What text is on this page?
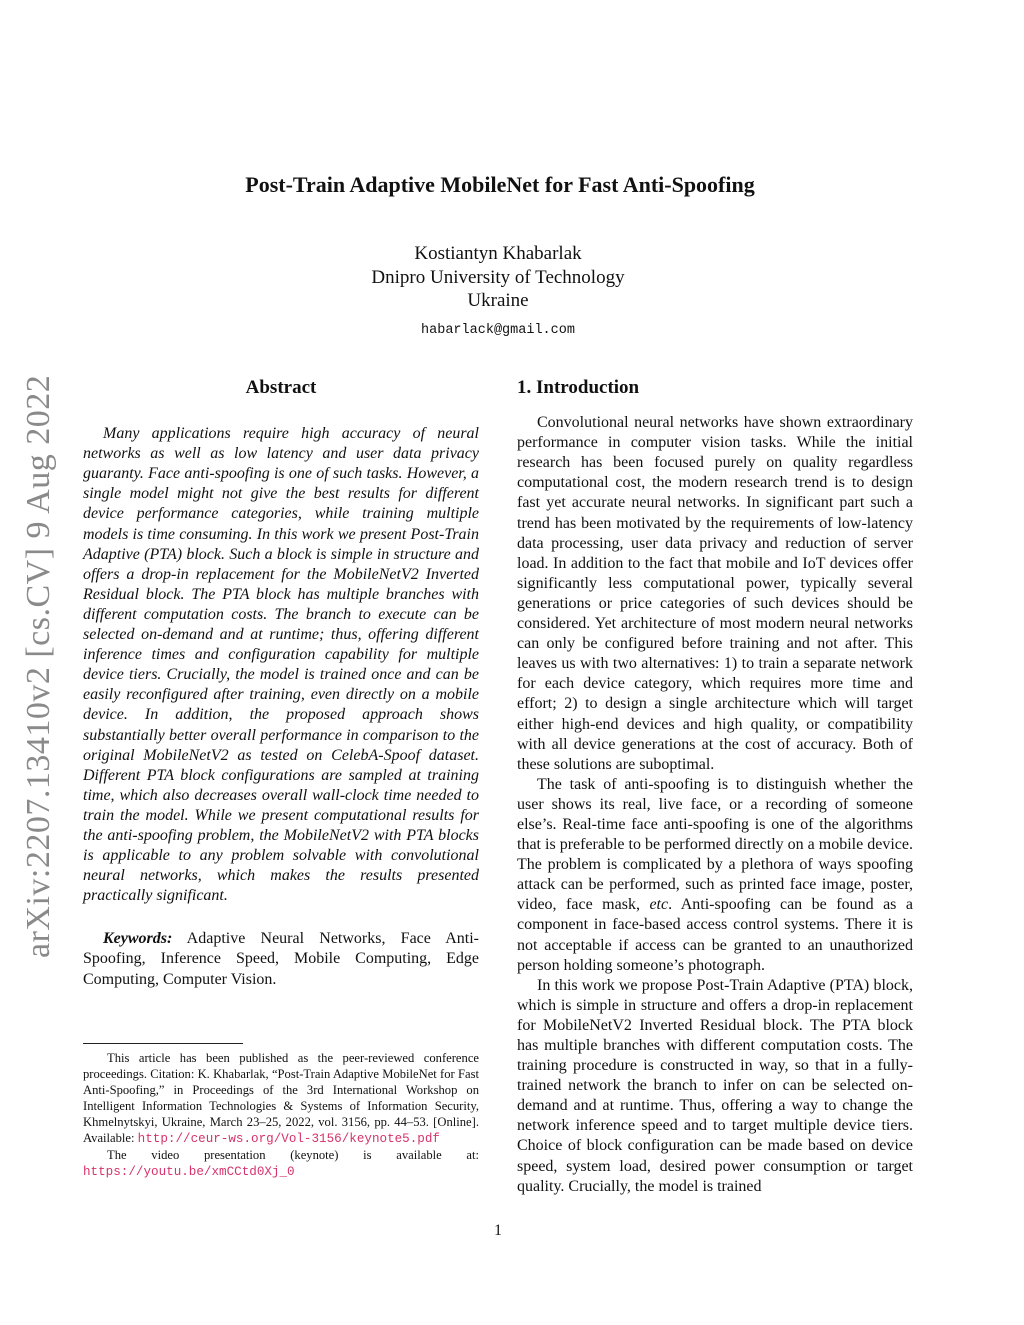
arXiv:2207.13410v2 [cs.CV] 9 Aug 2022
Post-Train Adaptive MobileNet for Fast Anti-Spoofing
Kostiantyn Khabarlak
Dnipro University of Technology
Ukraine
habarlack@gmail.com
Abstract

Many applications require high accuracy of neural networks as well as low latency and user data privacy guaranty. Face anti-spoofing is one of such tasks. However, a single model might not give the best results for different device performance categories, while training multiple models is time consuming. In this work we present Post-Train Adaptive (PTA) block. Such a block is simple in structure and offers a drop-in replacement for the MobileNetV2 Inverted Residual block. The PTA block has multiple branches with different computation costs. The branch to execute can be selected on-demand and at runtime; thus, offering different inference times and configuration capability for multiple device tiers. Crucially, the model is trained once and can be easily reconfigured after training, even directly on a mobile device. In addition, the proposed approach shows substantially better overall performance in comparison to the original MobileNetV2 as tested on CelebA-Spoof dataset. Different PTA block configurations are sampled at training time, which also decreases overall wall-clock time needed to train the model. While we present computational results for the anti-spoofing problem, the MobileNetV2 with PTA blocks is applicable to any problem solvable with convolutional neural networks, which makes the results presented practically significant.

Keywords: Adaptive Neural Networks, Face Anti-Spoofing, Inference Speed, Mobile Computing, Edge Computing, Computer Vision.

This article has been published as the peer-reviewed conference proceedings. Citation: K. Khabarlak, “Post-Train Adaptive MobileNet for Fast Anti-Spoofing,” in Proceedings of the 3rd International Workshop on Intelligent Information Technologies & Systems of Information Security, Khmelnytskyi, Ukraine, March 23–25, 2022, vol. 3156, pp. 44–53. [Online]. Available: http://ceur-ws.org/Vol-3156/keynote5.pdf

The video presentation (keynote) is available at: https://youtu.be/xmCCtd0Xj_0

1. Introduction

Convolutional neural networks have shown extraordinary performance in computer vision tasks. While the initial research has been focused purely on quality regardless computational cost, the modern research trend is to design fast yet accurate neural networks. In significant part such a trend has been motivated by the requirements of low-latency data processing, user data privacy and reduction of server load. In addition to the fact that mobile and IoT devices offer significantly less computational power, typically several generations or price categories of such devices should be considered. Yet architecture of most modern neural networks can only be configured before training and not after. This leaves us with two alternatives: 1) to train a separate network for each device category, which requires more time and effort; 2) to design a single architecture which will target either high-end devices and high quality, or compatibility with all device generations at the cost of accuracy. Both of these solutions are suboptimal.

The task of anti-spoofing is to distinguish whether the user shows its real, live face, or a recording of someone else’s. Real-time face anti-spoofing is one of the algorithms that is preferable to be performed directly on a mobile device. The problem is complicated by a plethora of ways spoofing attack can be performed, such as printed face image, poster, video, face mask, etc. Anti-spoofing can be found as a component in face-based access control systems. There it is not acceptable if access can be granted to an unauthorized person holding someone’s photograph.

In this work we propose Post-Train Adaptive (PTA) block, which is simple in structure and offers a drop-in replacement for MobileNetV2 Inverted Residual block. The PTA block has multiple branches with different computation costs. The training procedure is constructed in way, so that in a fully-trained network the branch to infer on can be selected on-demand and at runtime. Thus, offering a way to change the network inference speed and to target multiple device tiers. Choice of block configuration can be made based on device speed, system load, desired power consumption or target quality. Crucially, the model is trained

1
